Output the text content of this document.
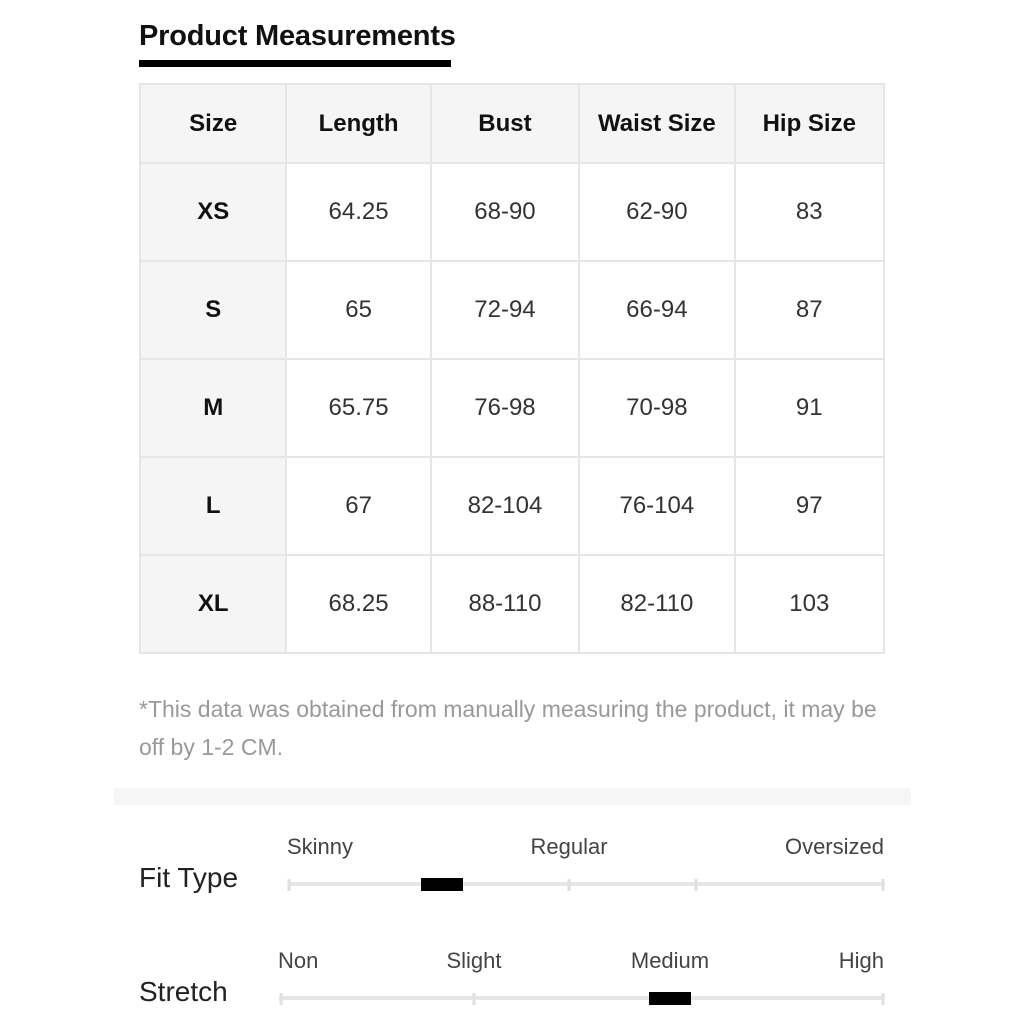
Product Measurements
Size	Length	Bust	Waist Size	Hip Size
XS	64.25	68-90	62-90	83
S	65	72-94	66-94	87
M	65.75	76-98	70-98	91
L	67	82-104	76-104	97
XL	68.25	88-110	82-110	103
*This data was obtained from manually measuring the product, it may be off by 1-2 CM.
Skinny	Regular	Oversized
Fit Type
Non	Slight	Medium	High
Stretch
